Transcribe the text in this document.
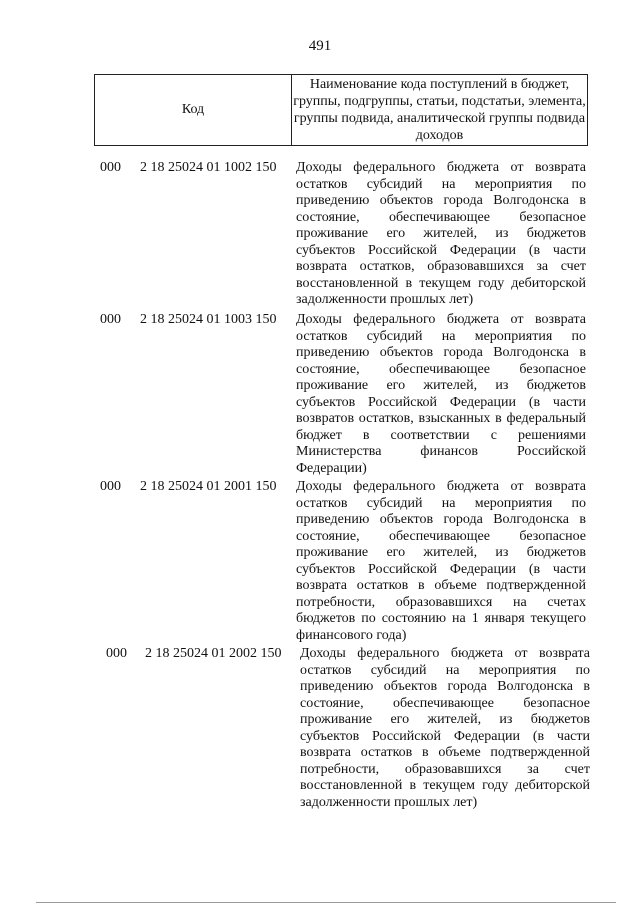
491
Код
Наименование кода поступлений в бюджет, группы, подгруппы, статьи, подстатьи, элемента, группы подвида, аналитической группы подвида доходов
000 2 18 25024 01 1002 150 Доходы федерального бюджета от возврата остатков субсидий на мероприятия по приведению объектов города Волгодонска в состояние, обеспечивающее безопасное проживание его жителей, из бюджетов субъектов Российской Федерации (в части возврата остатков, образовавшихся за счет восстановленной в текущем году дебиторской задолженности прошлых лет)
000 2 18 25024 01 1003 150 Доходы федерального бюджета от возврата остатков субсидий на мероприятия по приведению объектов города Волгодонска в состояние, обеспечивающее безопасное проживание его жителей, из бюджетов субъектов Российской Федерации (в части возвратов остатков, взысканных в федеральный бюджет в соответствии с решениями Министерства финансов Российской Федерации)
000 2 18 25024 01 2001 150 Доходы федерального бюджета от возврата остатков субсидий на мероприятия по приведению объектов города Волгодонска в состояние, обеспечивающее безопасное проживание его жителей, из бюджетов субъектов Российской Федерации (в части возврата остатков в объеме подтвержденной потребности, образовавшихся на счетах бюджетов по состоянию на 1 января текущего финансового года)
000 2 18 25024 01 2002 150 Доходы федерального бюджета от возврата остатков субсидий на мероприятия по приведению объектов города Волгодонска в состояние, обеспечивающее безопасное проживание его жителей, из бюджетов субъектов Российской Федерации (в части возврата остатков в объеме подтвержденной потребности, образовавшихся за счет восстановленной в текущем году дебиторской задолженности прошлых лет)
